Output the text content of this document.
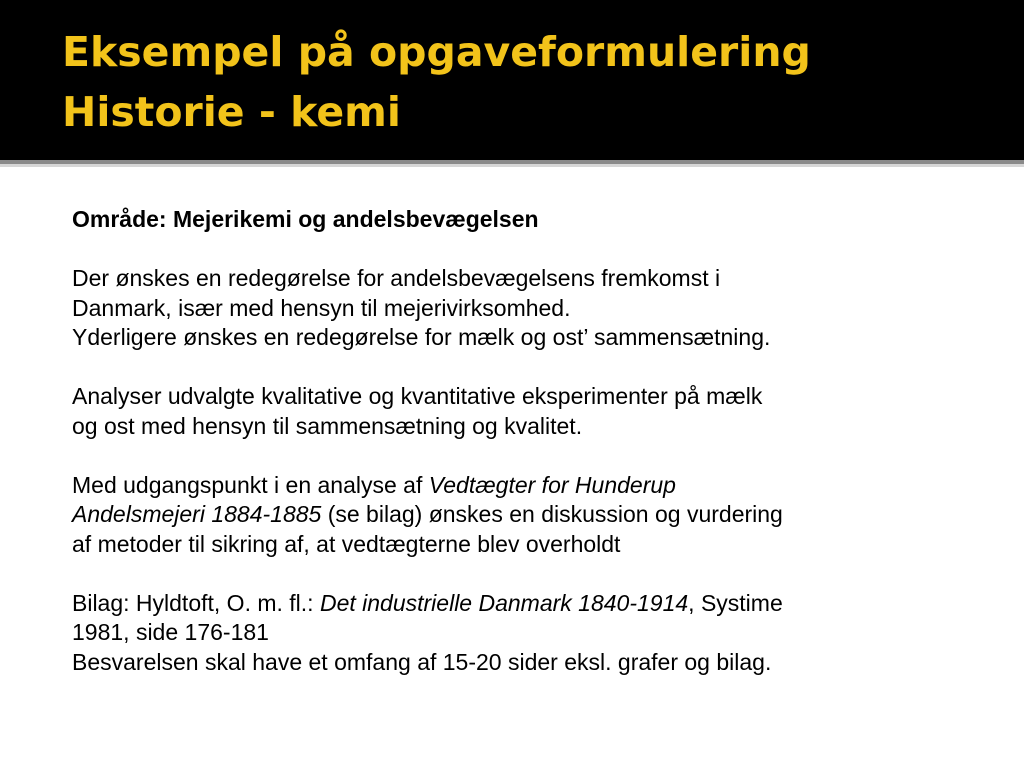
Eksempel på opgaveformulering
Historie - kemi
Område: Mejerikemi og andelsbevægelsen
Der ønskes en redegørelse for andelsbevægelsens fremkomst i
Danmark, især med hensyn til mejerivirksomhed.
Yderligere ønskes en redegørelse for mælk og ost’ sammensætning.
Analyser udvalgte kvalitative og kvantitative eksperimenter på mælk
og ost med hensyn til sammensætning og kvalitet.
Med udgangspunkt i en analyse af Vedtægter for Hunderup
Andelsmejeri 1884-1885 (se bilag) ønskes en diskussion og vurdering
af metoder til sikring af, at vedtægterne blev overholdt
Bilag: Hyldtoft, O. m. fl.: Det industrielle Danmark 1840-1914, Systime
1981, side 176-181
Besvarelsen skal have et omfang af 15-20 sider eksl. grafer og bilag.
